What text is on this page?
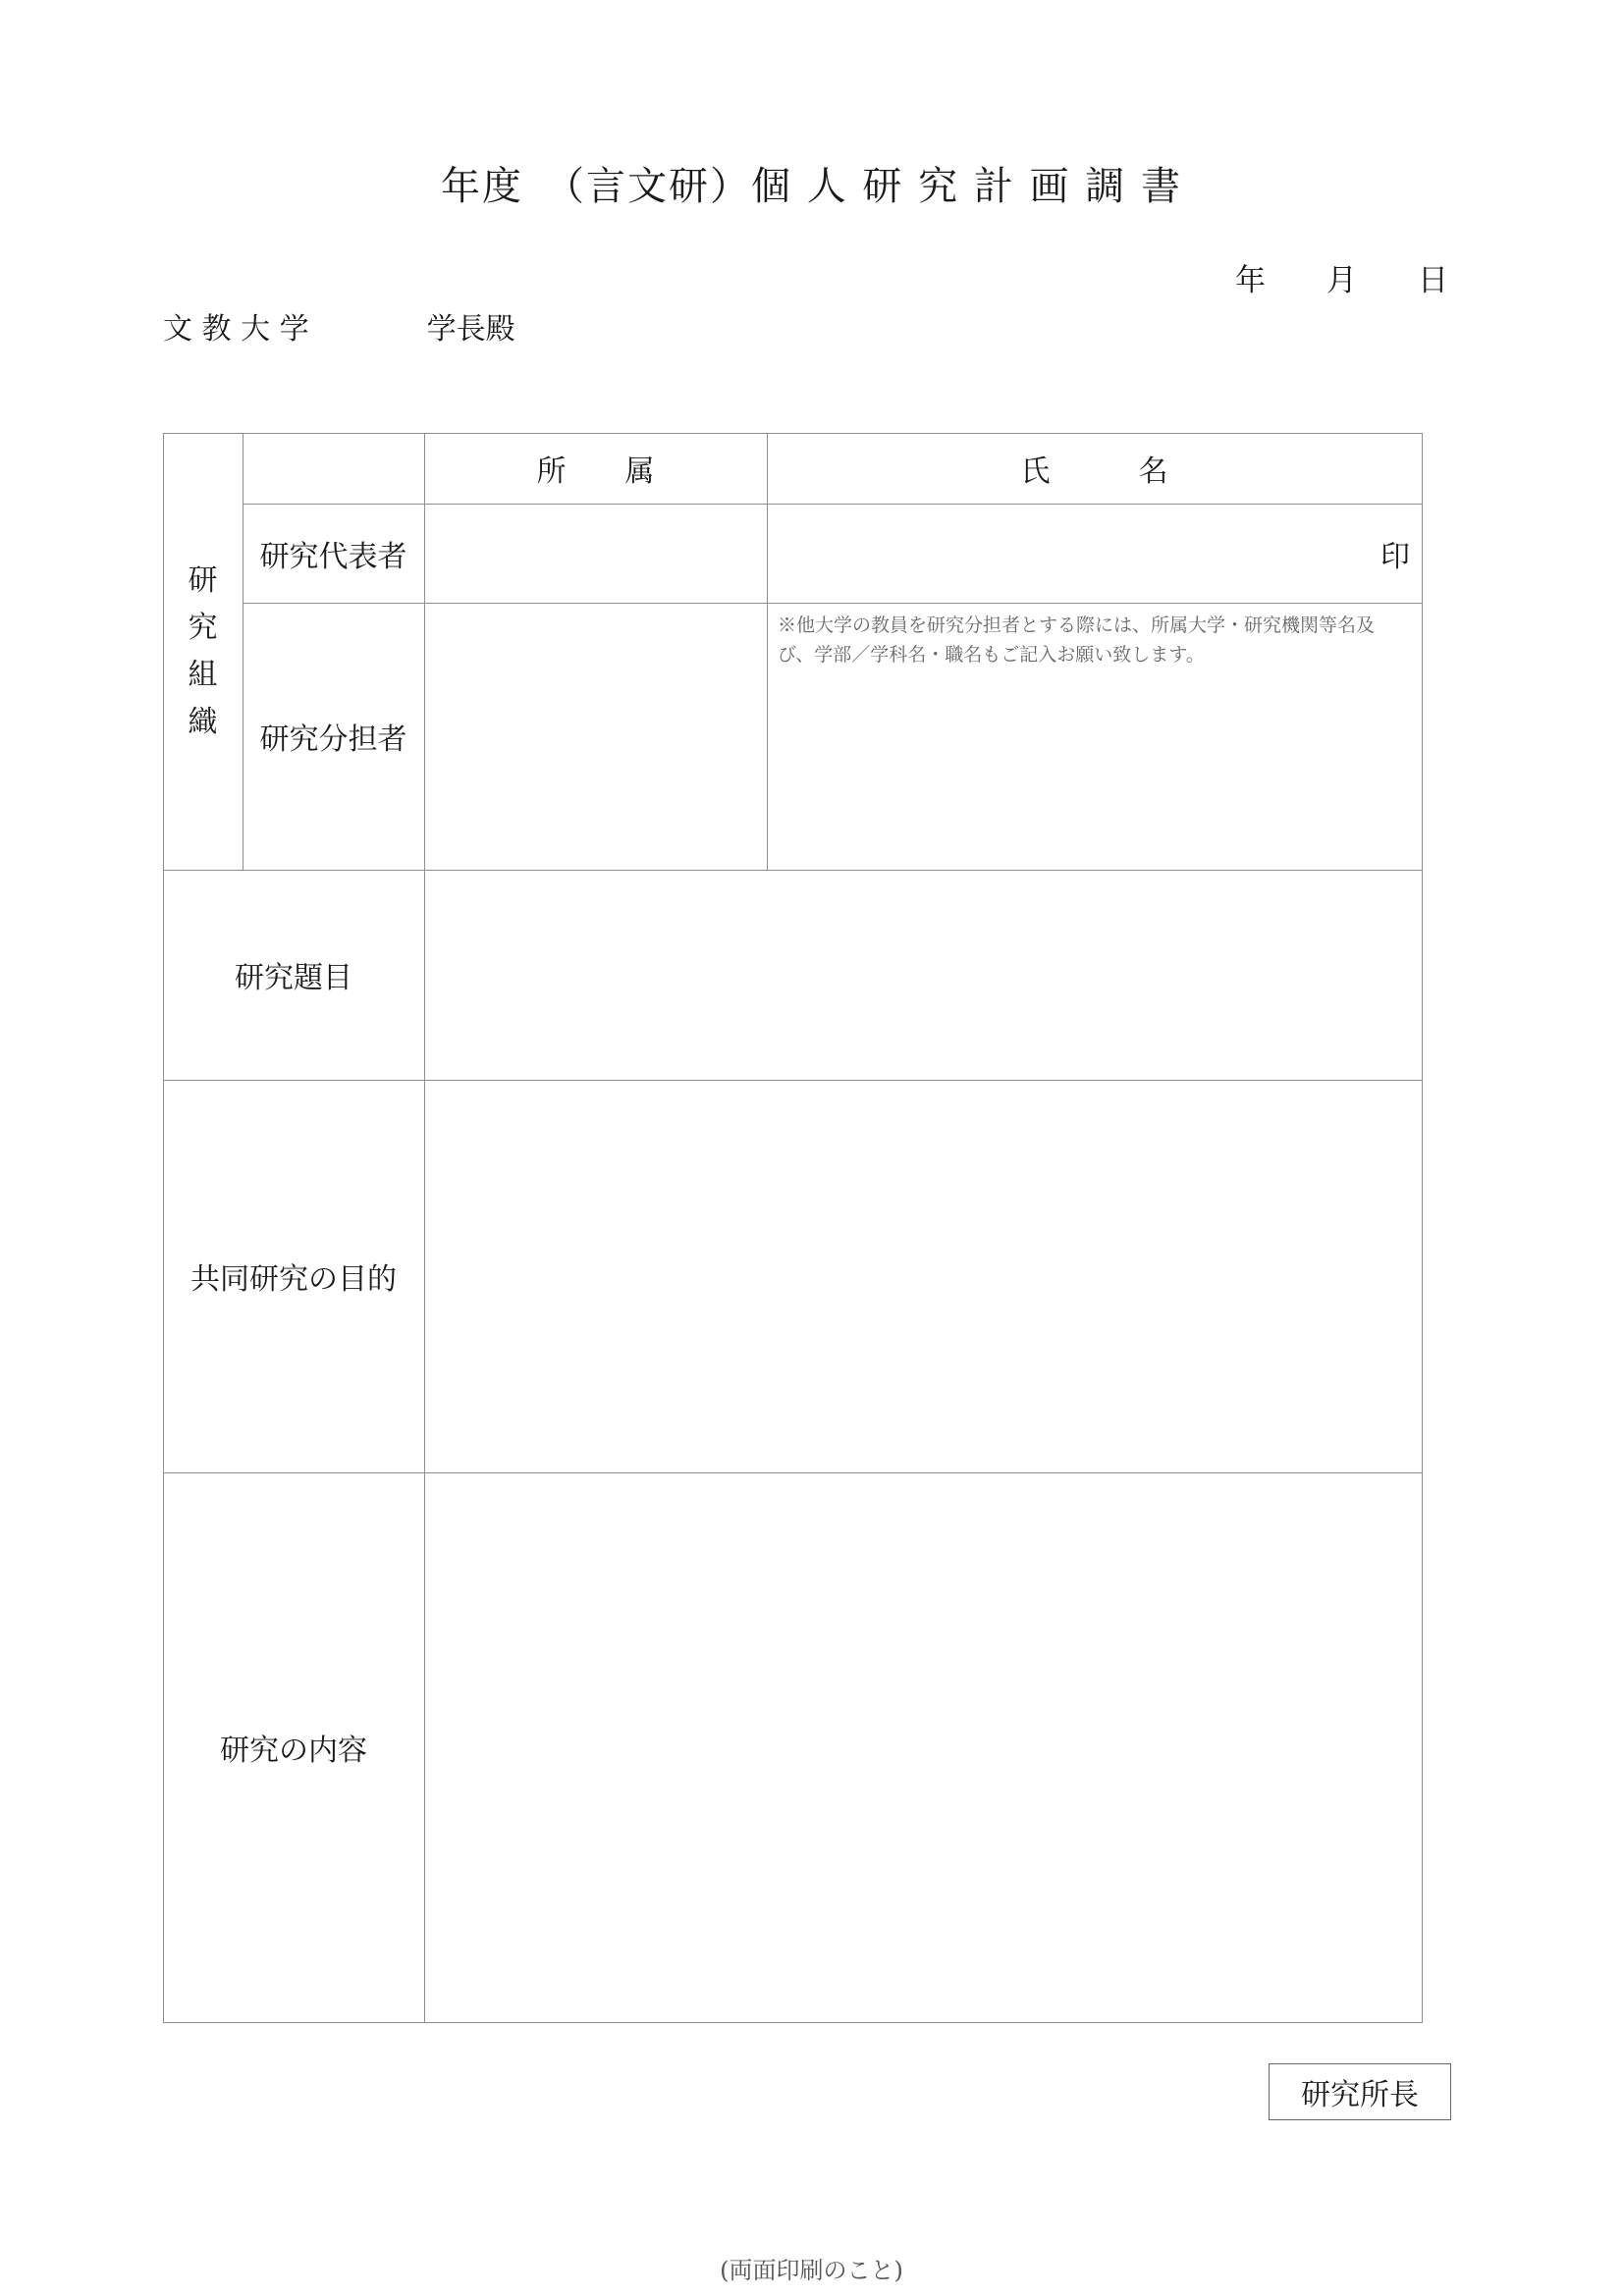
年度　（言文研）個 人 研 究 計 画 調 書
年　　月　　日
文 教 大 学　　　　学長殿
研
究
組
織
所　　属	氏　　　名
研究代表者	印
研究分担者
※他大学の教員を研究分担者とする際には、所属大学・研究機関等名及び、学部／学科名・職名もご記入お願い致します。
研究題目
共同研究の目的
研究の内容
研究所長
(両面印刷のこと)
